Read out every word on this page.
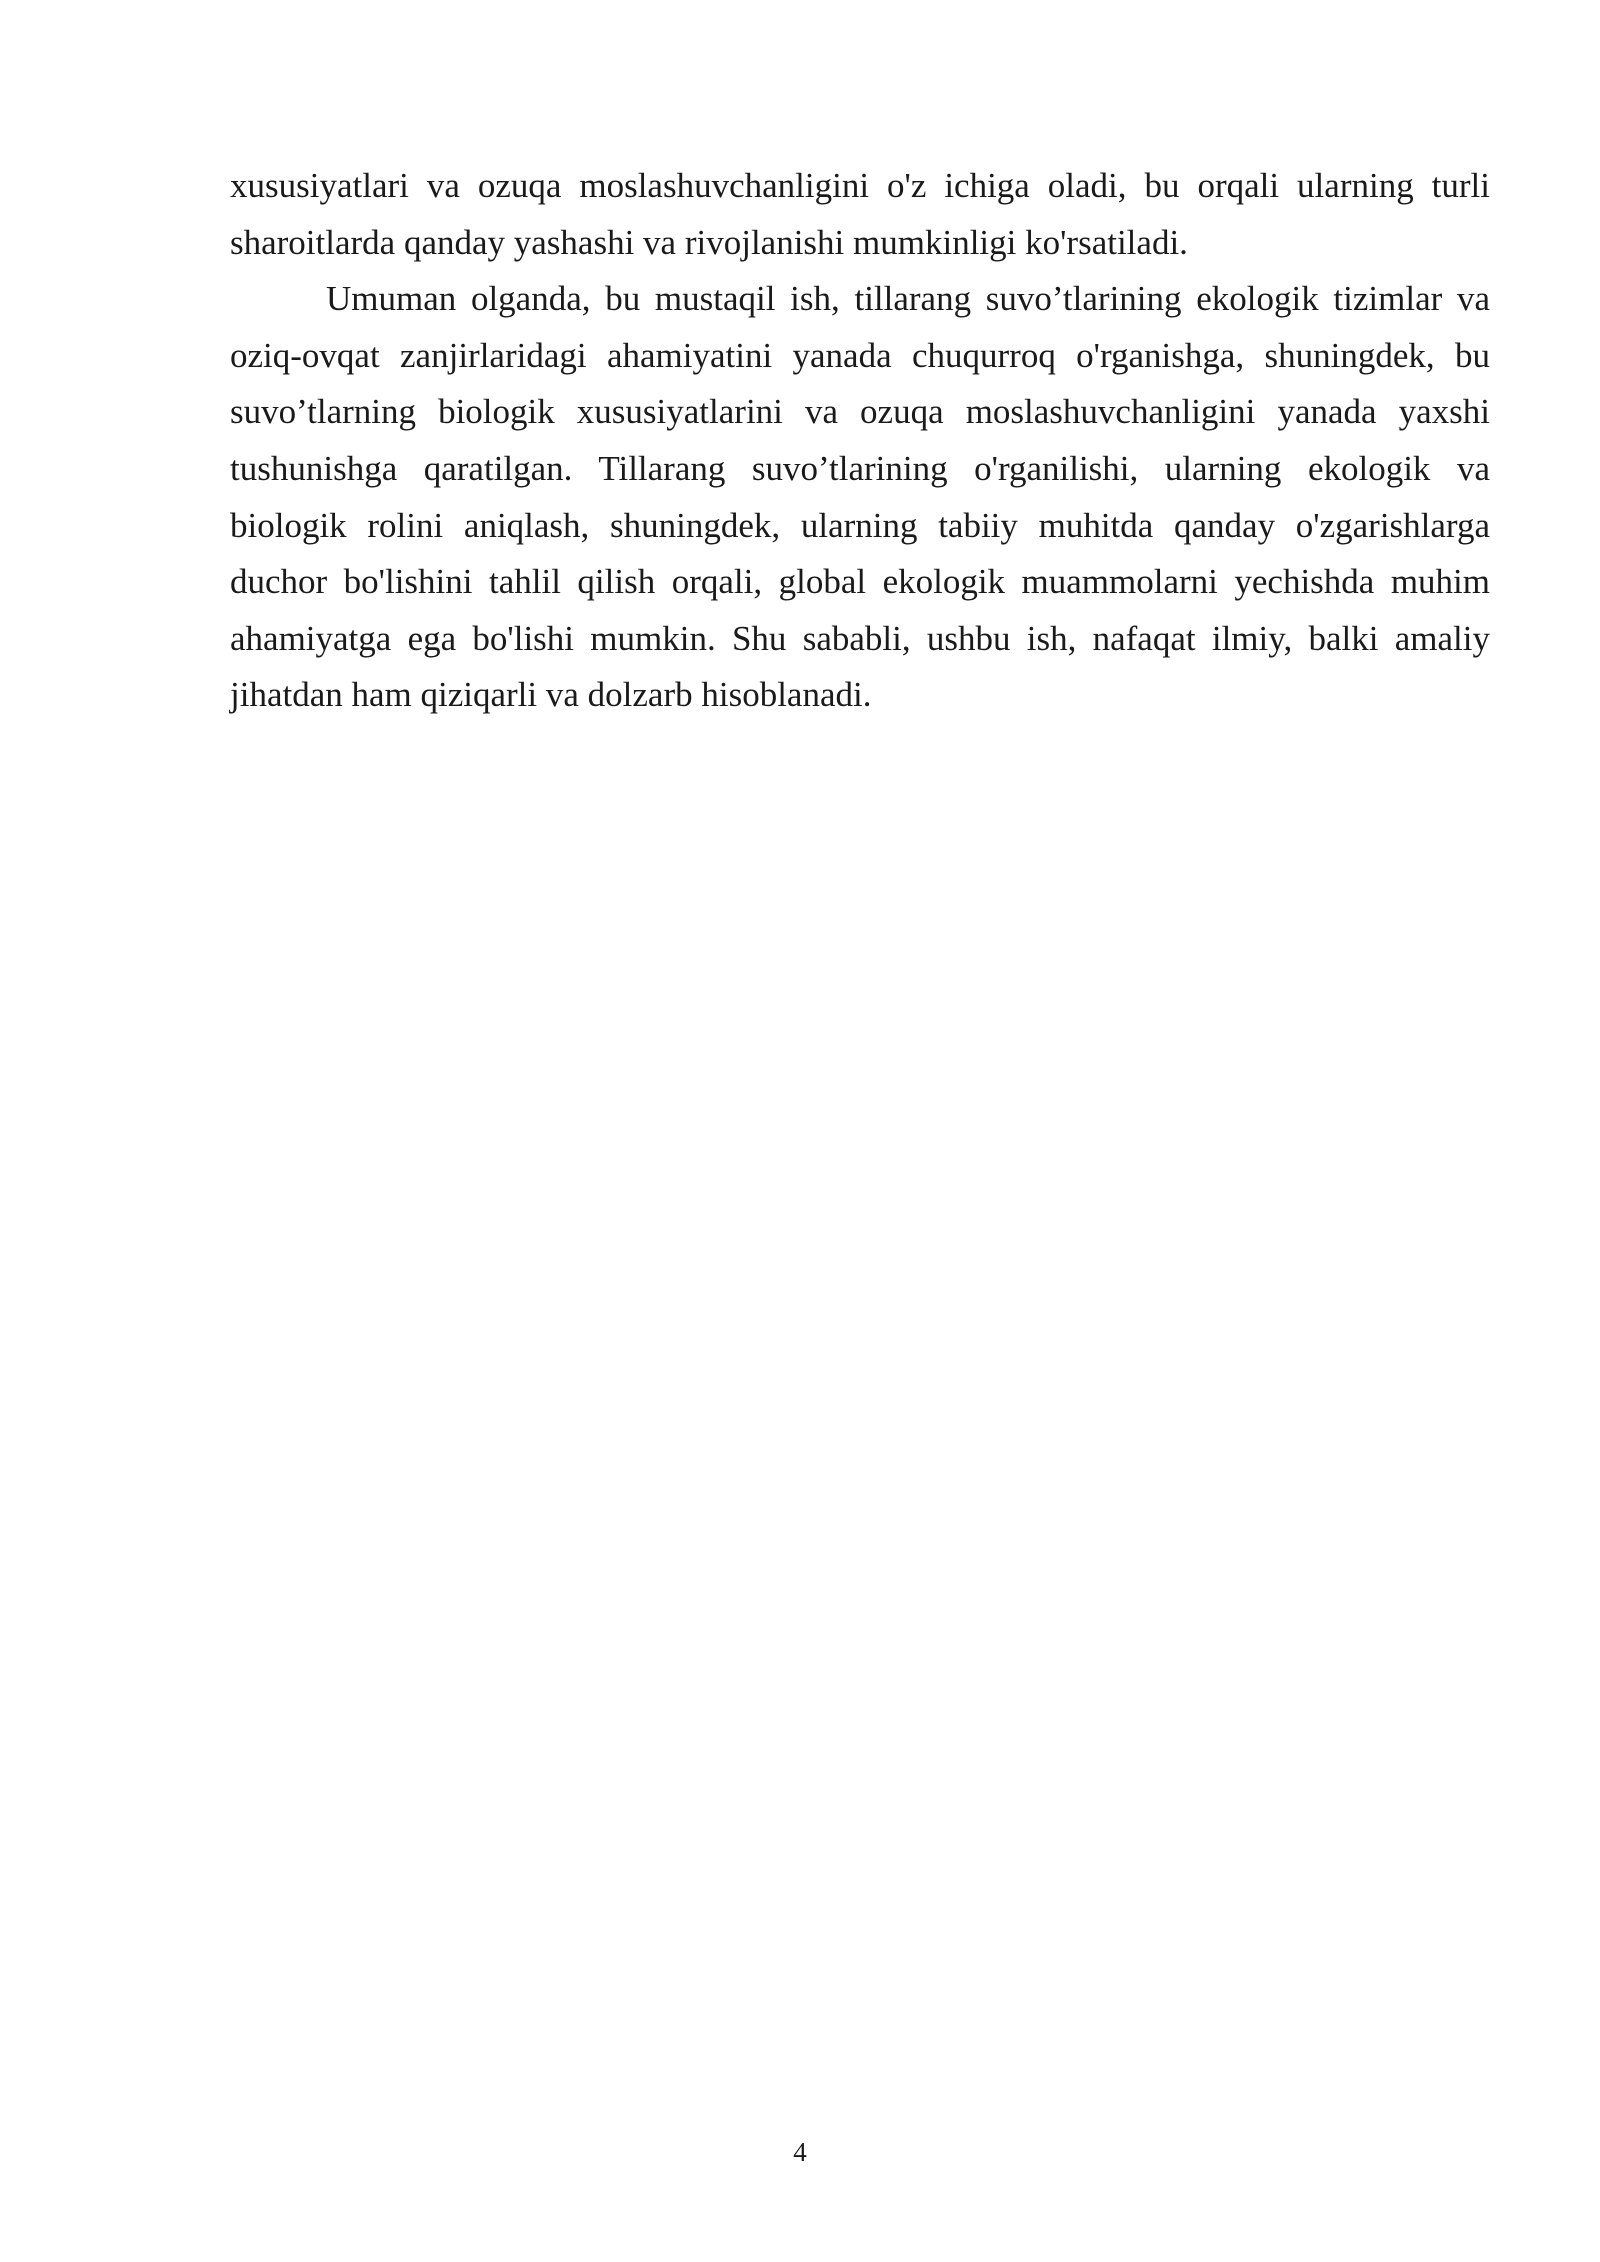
xususiyatlari va ozuqa moslashuvchanligini o'z ichiga oladi, bu orqali ularning turli sharoitlarda qanday yashashi va rivojlanishi mumkinligi ko'rsatiladi.

Umuman olganda, bu mustaqil ish, tillarang suvo’tlarining ekologik tizimlar va oziq-ovqat zanjirlaridagi ahamiyatini yanada chuqurroq o'rganishga, shuningdek, bu suvo’tlarning biologik xususiyatlarini va ozuqa moslashuvchanligini yanada yaxshi tushunishga qaratilgan. Tillarang suvo’tlarining o'rganilishi, ularning ekologik va biologik rolini aniqlash, shuningdek, ularning tabiiy muhitda qanday o'zgarishlarga duchor bo'lishini tahlil qilish orqali, global ekologik muammolarni yechishda muhim ahamiyatga ega bo'lishi mumkin. Shu sababli, ushbu ish, nafaqat ilmiy, balki amaliy jihatdan ham qiziqarli va dolzarb hisoblanadi.

4
